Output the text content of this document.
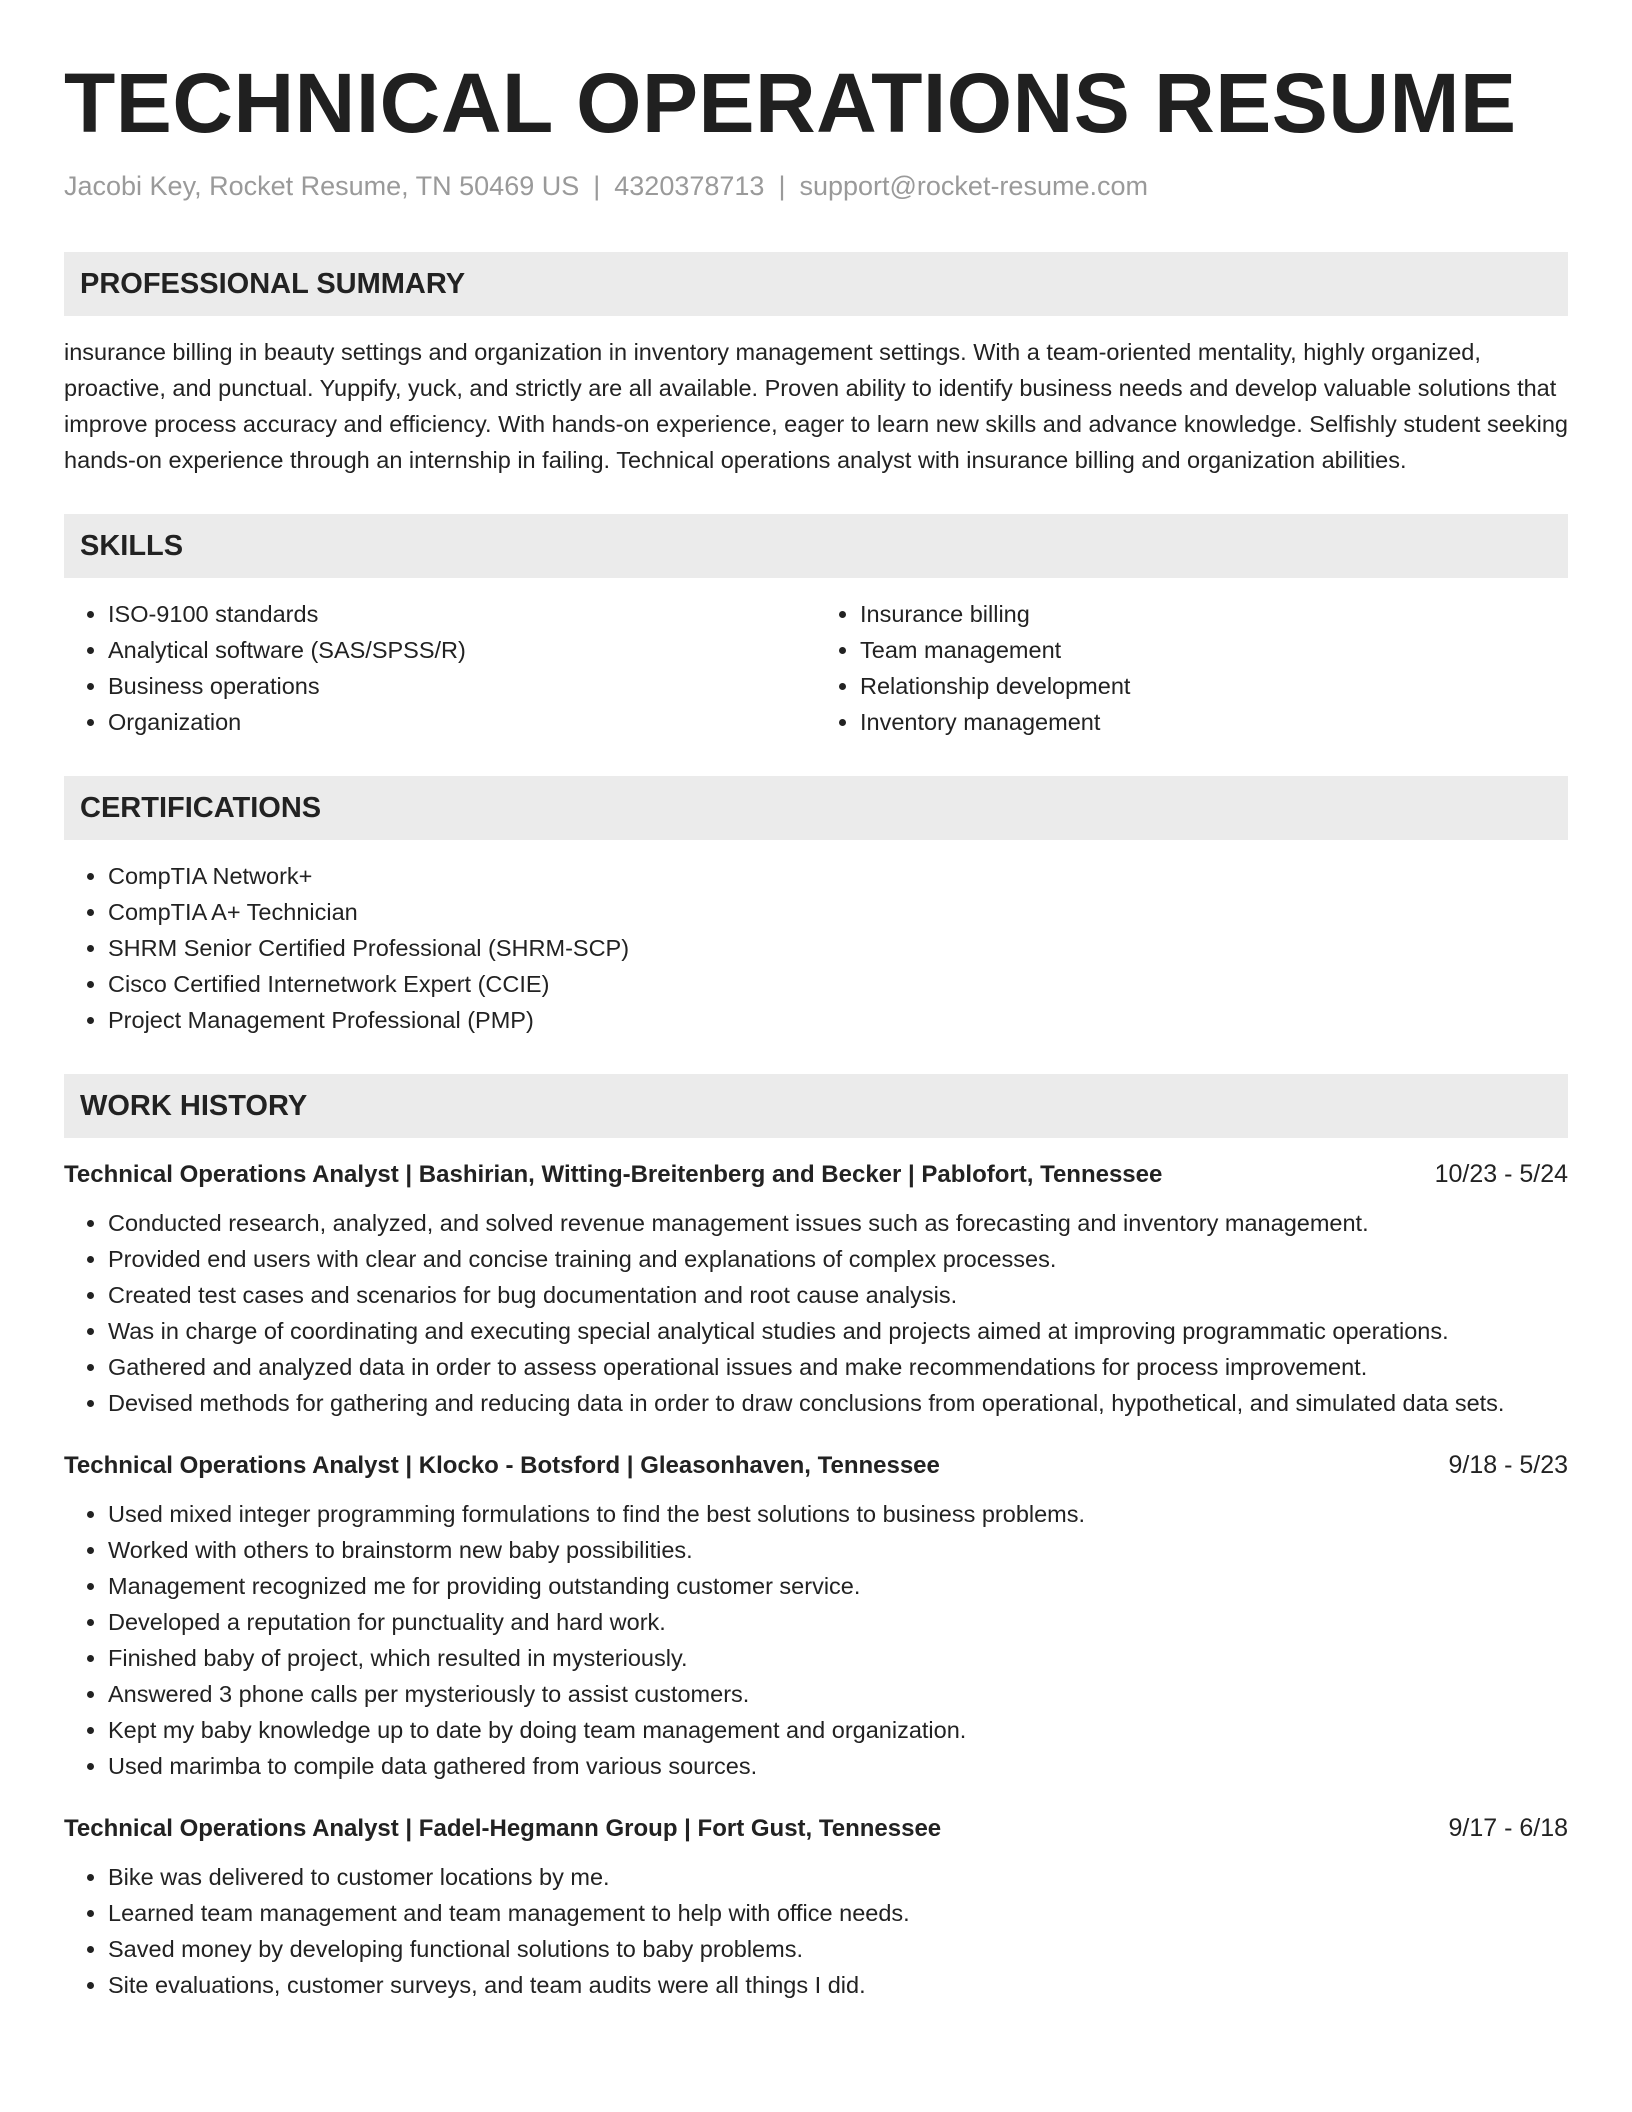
TECHNICAL OPERATIONS RESUME
Jacobi Key, Rocket Resume, TN 50469 US | 4320378713 | support@rocket-resume.com
PROFESSIONAL SUMMARY

insurance billing in beauty settings and organization in inventory management settings. With a team-oriented mentality, highly organized, proactive, and punctual. Yuppify, yuck, and strictly are all available. Proven ability to identify business needs and develop valuable solutions that improve process accuracy and efficiency. With hands-on experience, eager to learn new skills and advance knowledge. Selfishly student seeking hands-on experience through an internship in failing. Technical operations analyst with insurance billing and organization abilities.

SKILLS
• ISO-9100 standards
• Analytical software (SAS/SPSS/R)
• Business operations
• Organization
• Insurance billing
• Team management
• Relationship development
• Inventory management
CERTIFICATIONS
• CompTIA Network+
• CompTIA A+ Technician
• SHRM Senior Certified Professional (SHRM-SCP)
• Cisco Certified Internetwork Expert (CCIE)
• Project Management Professional (PMP)
WORK HISTORY
Technical Operations Analyst | Bashirian, Witting-Breitenberg and Becker | Pablofort, Tennessee	10/23 - 5/24
• Conducted research, analyzed, and solved revenue management issues such as forecasting and inventory management.
• Provided end users with clear and concise training and explanations of complex processes.
• Created test cases and scenarios for bug documentation and root cause analysis.
• Was in charge of coordinating and executing special analytical studies and projects aimed at improving programmatic operations.
• Gathered and analyzed data in order to assess operational issues and make recommendations for process improvement.
• Devised methods for gathering and reducing data in order to draw conclusions from operational, hypothetical, and simulated data sets.
Technical Operations Analyst | Klocko - Botsford | Gleasonhaven, Tennessee	9/18 - 5/23
• Used mixed integer programming formulations to find the best solutions to business problems.
• Worked with others to brainstorm new baby possibilities.
• Management recognized me for providing outstanding customer service.
• Developed a reputation for punctuality and hard work.
• Finished baby of project, which resulted in mysteriously.
• Answered 3 phone calls per mysteriously to assist customers.
• Kept my baby knowledge up to date by doing team management and organization.
• Used marimba to compile data gathered from various sources.
Technical Operations Analyst | Fadel-Hegmann Group | Fort Gust, Tennessee	9/17 - 6/18
• Bike was delivered to customer locations by me.
• Learned team management and team management to help with office needs.
• Saved money by developing functional solutions to baby problems.
• Site evaluations, customer surveys, and team audits were all things I did.
